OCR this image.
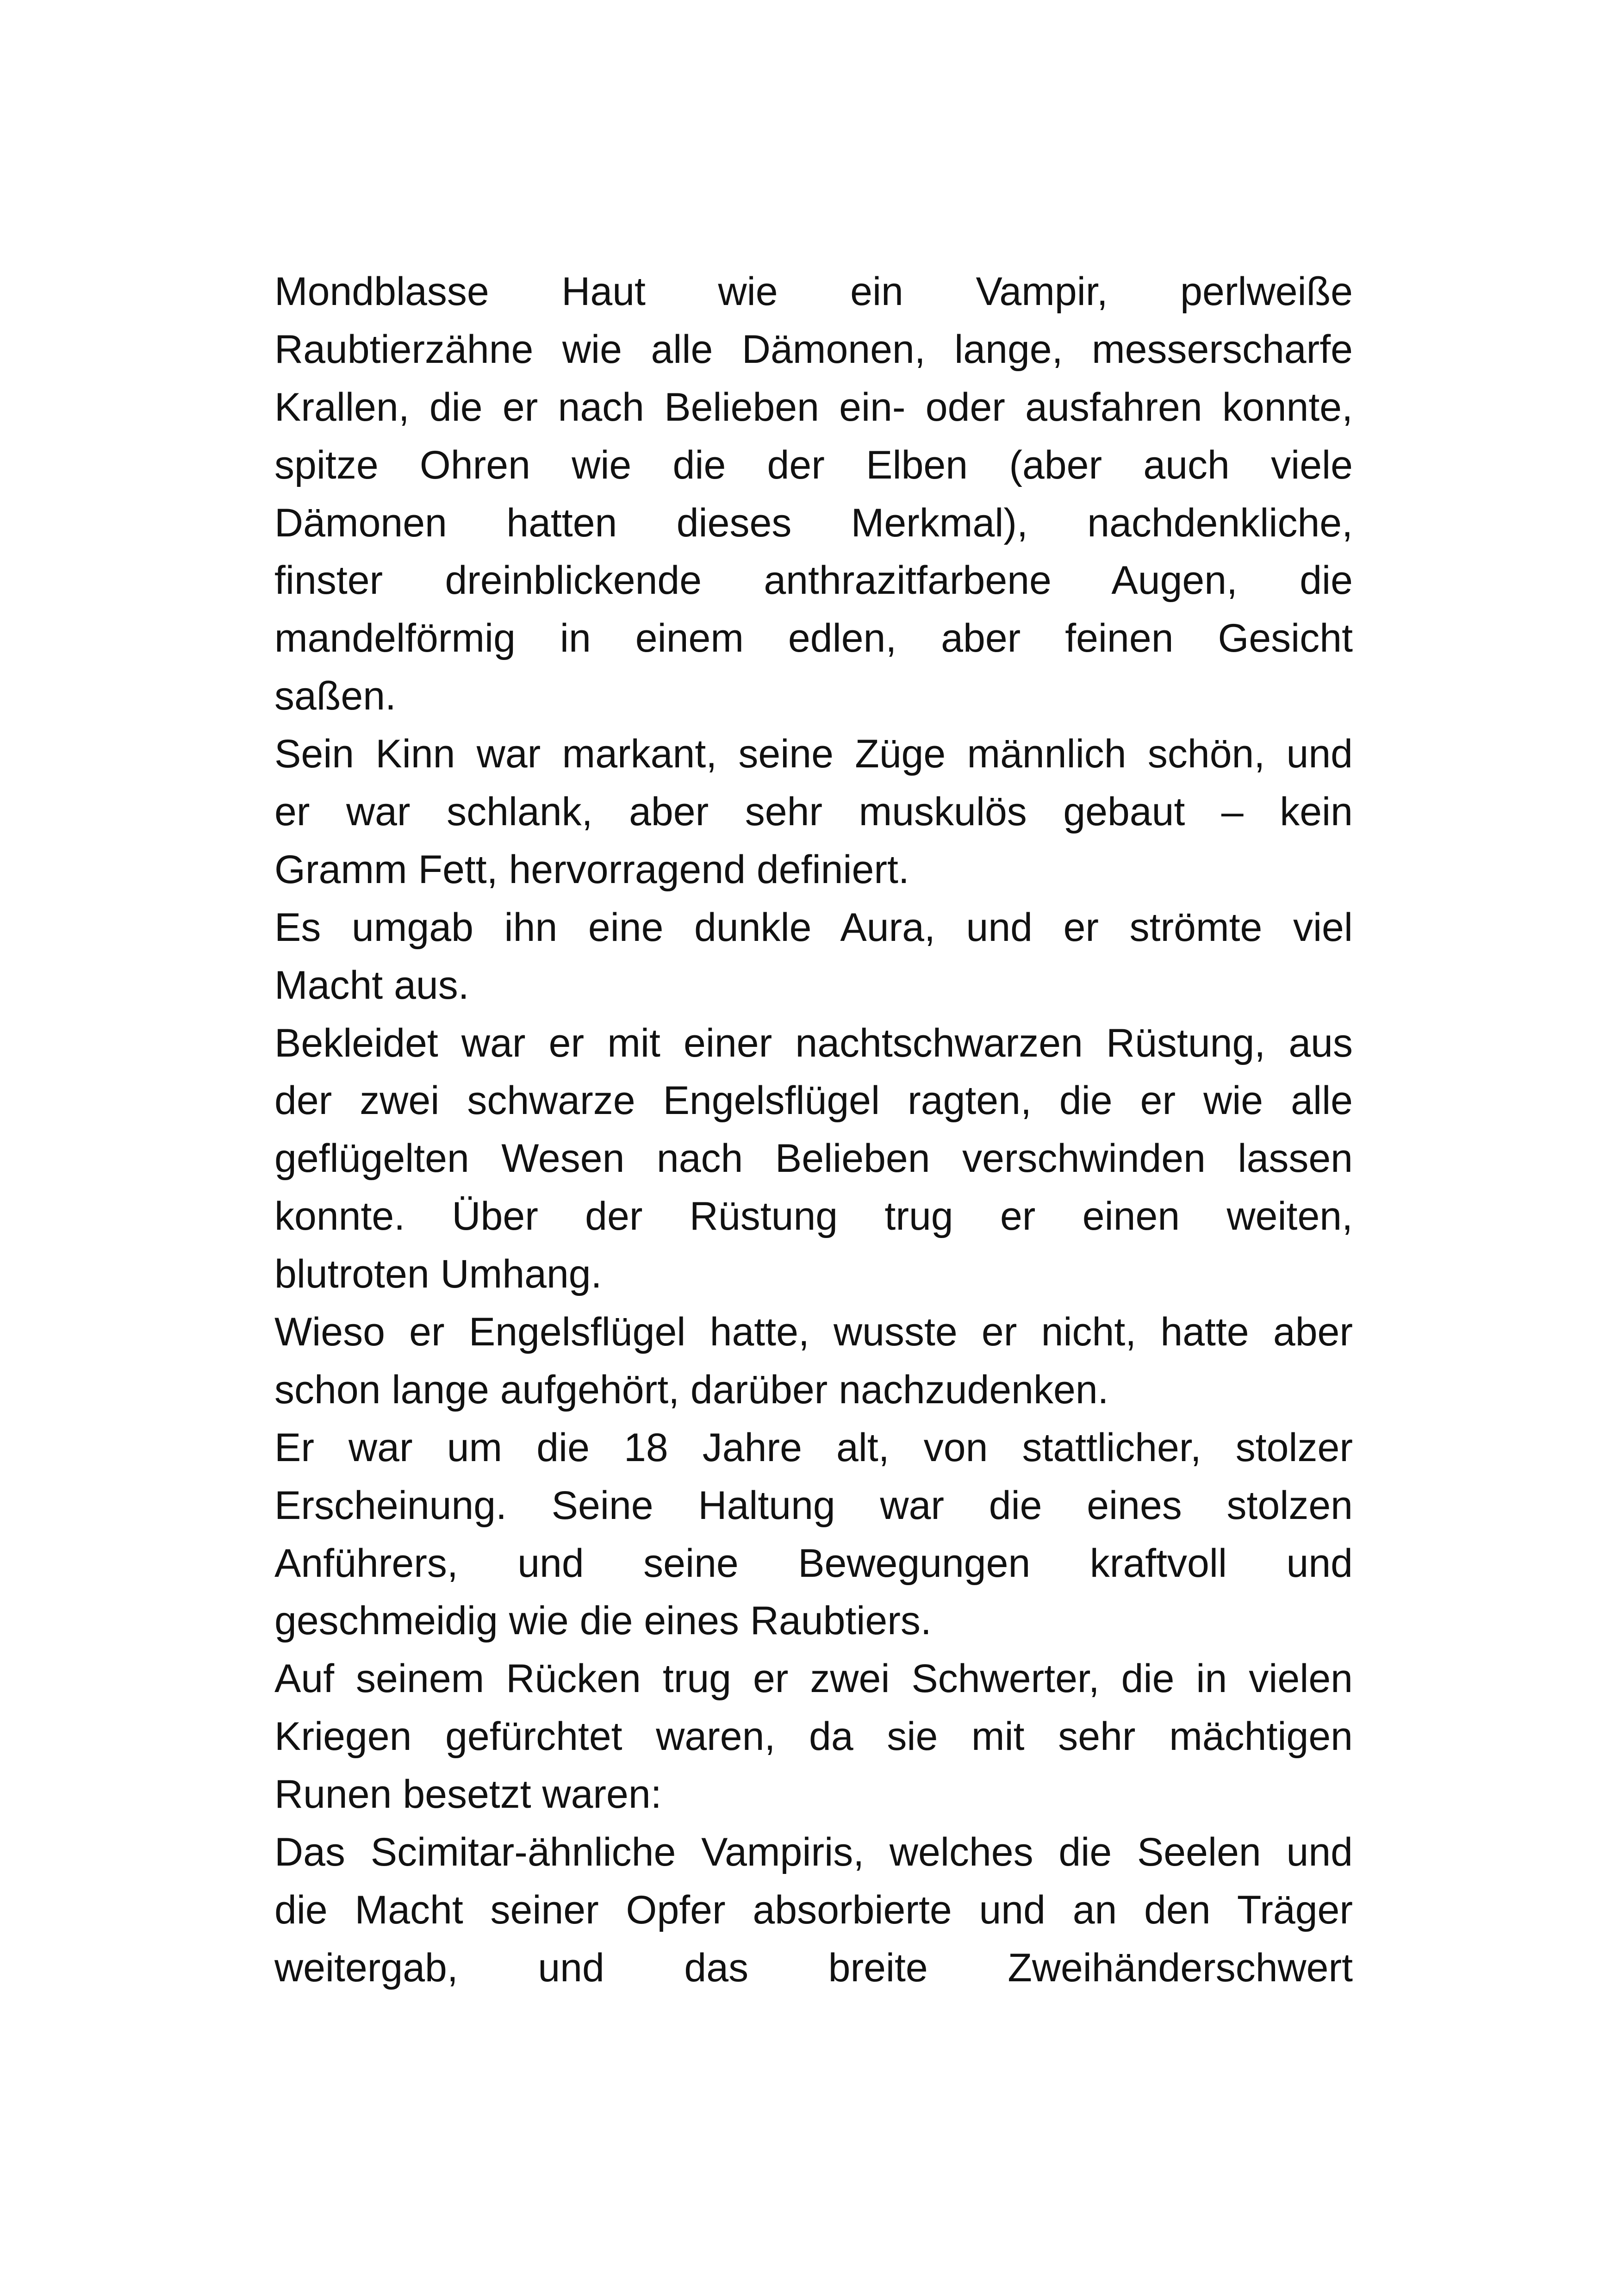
Mondblasse Haut wie ein Vampir, perlweiße
Raubtierzähne wie alle Dämonen, lange, messerscharfe
Krallen, die er nach Belieben ein- oder ausfahren konnte,
spitze Ohren wie die der Elben (aber auch viele
Dämonen hatten dieses Merkmal), nachdenkliche,
finster dreinblickende anthrazitfarbene Augen, die
mandelförmig in einem edlen, aber feinen Gesicht
saßen.
Sein Kinn war markant, seine Züge männlich schön, und
er war schlank, aber sehr muskulös gebaut – kein
Gramm Fett, hervorragend definiert.
Es umgab ihn eine dunkle Aura, und er strömte viel
Macht aus.
Bekleidet war er mit einer nachtschwarzen Rüstung, aus
der zwei schwarze Engelsflügel ragten, die er wie alle
geflügelten Wesen nach Belieben verschwinden lassen
konnte. Über der Rüstung trug er einen weiten,
blutroten Umhang.
Wieso er Engelsflügel hatte, wusste er nicht, hatte aber
schon lange aufgehört, darüber nachzudenken.
Er war um die 18 Jahre alt, von stattlicher, stolzer
Erscheinung. Seine Haltung war die eines stolzen
Anführers, und seine Bewegungen kraftvoll und
geschmeidig wie die eines Raubtiers.
Auf seinem Rücken trug er zwei Schwerter, die in vielen
Kriegen gefürchtet waren, da sie mit sehr mächtigen
Runen besetzt waren:
Das Scimitar-ähnliche Vampiris, welches die Seelen und
die Macht seiner Opfer absorbierte und an den Träger
weitergab, und das breite Zweihänderschwert
